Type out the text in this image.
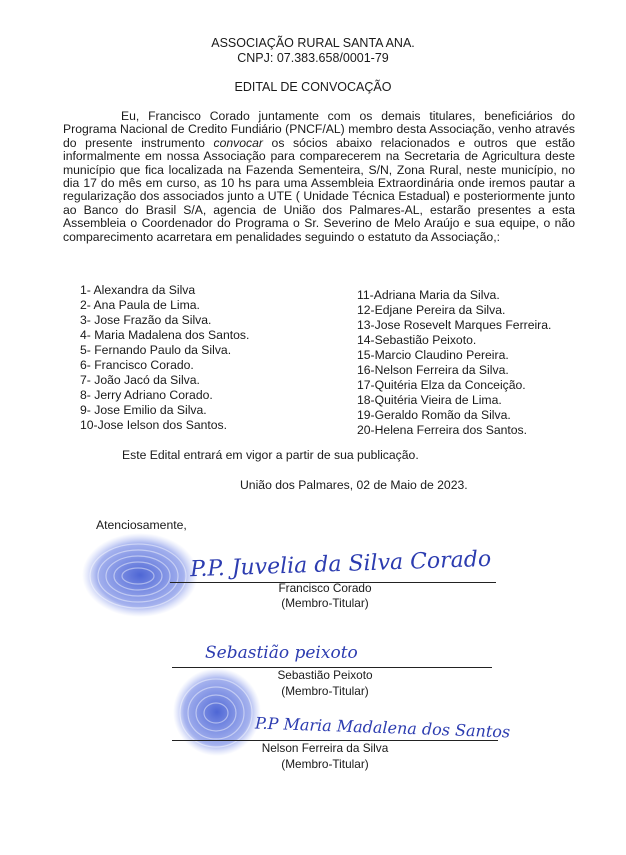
ASSOCIAÇÃO RURAL SANTA ANA.
CNPJ: 07.383.658/0001-79
EDITAL DE CONVOCAÇÃO
Eu, Francisco Corado juntamente com os demais titulares, beneficiários do Programa Nacional de Credito Fundiário (PNCF/AL) membro desta Associação, venho através do presente instrumento convocar os sócios abaixo relacionados e outros que estão informalmente em nossa Associação para comparecerem na Secretaria de Agricultura deste município que fica localizada na Fazenda Sementeira, S/N, Zona Rural, neste município, no dia 17 do mês em curso, as 10 hs para uma Assembleia Extraordinária onde iremos pautar a regularização dos associados junto a UTE ( Unidade Técnica Estadual) e posteriormente junto ao Banco do Brasil S/A, agencia de União dos Palmares-AL, estarão presentes a esta Assembleia o Coordenador do Programa o Sr. Severino de Melo Araújo e sua equipe, o não comparecimento acarretara em penalidades seguindo o estatuto da Associação,:
1- Alexandra da Silva
2- Ana Paula de Lima.
3- Jose Frazão da Silva.
4- Maria Madalena dos Santos.
5- Fernando Paulo da Silva.
6- Francisco Corado.
7- João Jacó da Silva.
8- Jerry Adriano Corado.
9- Jose Emilio da Silva.
10-Jose Ielson dos Santos.
11-Adriana Maria da Silva.
12-Edjane Pereira da Silva.
13-Jose Rosevelt Marques Ferreira.
14-Sebastião Peixoto.
15-Marcio Claudino Pereira.
16-Nelson Ferreira da Silva.
17-Quitéria Elza da Conceição.
18-Quitéria Vieira de Lima.
19-Geraldo Romão da Silva.
20-Helena Ferreira dos Santos.
Este Edital entrará em vigor a partir de sua publicação.
União dos Palmares, 02 de Maio de 2023.
Atenciosamente,
P.P. Juvelia da Silva Corado
Francisco Corado
(Membro-Titular)
Sebastião peixoto
Sebastião Peixoto
(Membro-Titular)
P.P Maria Madalena dos Santos
Nelson Ferreira da Silva
(Membro-Titular)
